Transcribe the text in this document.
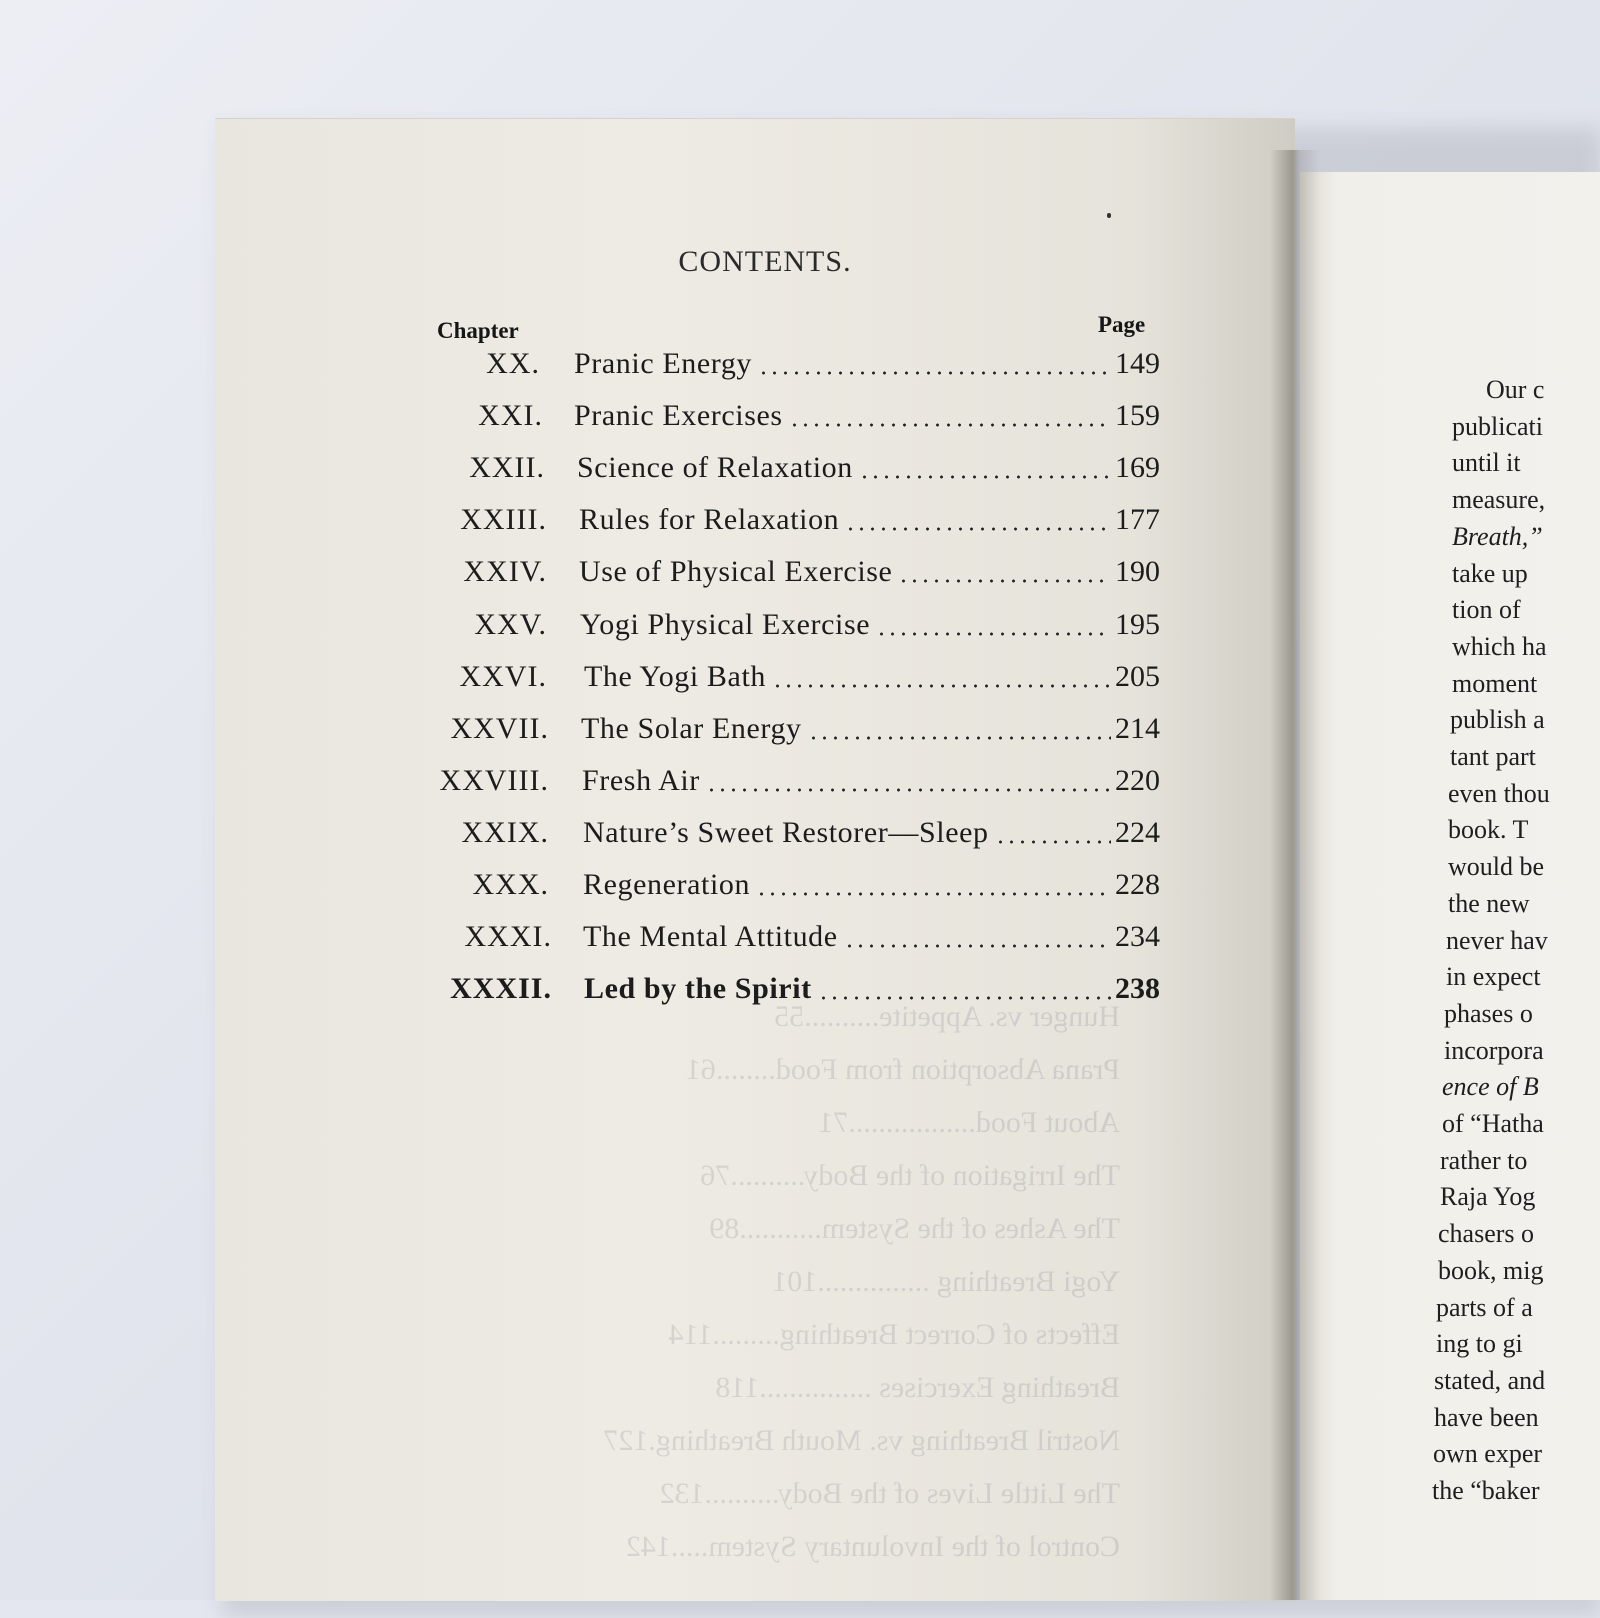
Hunger vs. Appetite..........55
Prana Absorption from Food........61
About Food.................71
The Irrigation of the Body..........76
The Ashes of the System...........89
Yogi Breathing ...............101
Effects of Correct Breathing.........114
Breathing Exercises ...............118
Nostril Breathing vs. Mouth Breathing.127
The Little Lives of the Body..........132
Control of the Involuntary System.....142
CONTENTS.
Chapter	Page
XX. Pranic Energy	149
XXI. Pranic Exercises	159
XXII. Science of Relaxation	169
XXIII. Rules for Relaxation	177
XXIV. Use of Physical Exercise	190
XXV. Yogi Physical Exercise	195
XXVI. The Yogi Bath	205
XXVII. The Solar Energy	214
XXVIII. Fresh Air	220
XXIX. Nature’s Sweet Restorer—Sleep	224
XXX. Regeneration	228
XXXI. The Mental Attitude	234
XXXII. Led by the Spirit	238
Our c
publicati
until it
measure,
Breath,”
take up
tion of
which ha
moment
publish a
tant part
even thou
book. T
would be
the new
never hav
in expect
phases o
incorpora
ence of B
of “Hatha
rather to
Raja Yog
chasers o
book, mig
parts of a
ing to gi
stated, and
have been
own exper
the “baker
